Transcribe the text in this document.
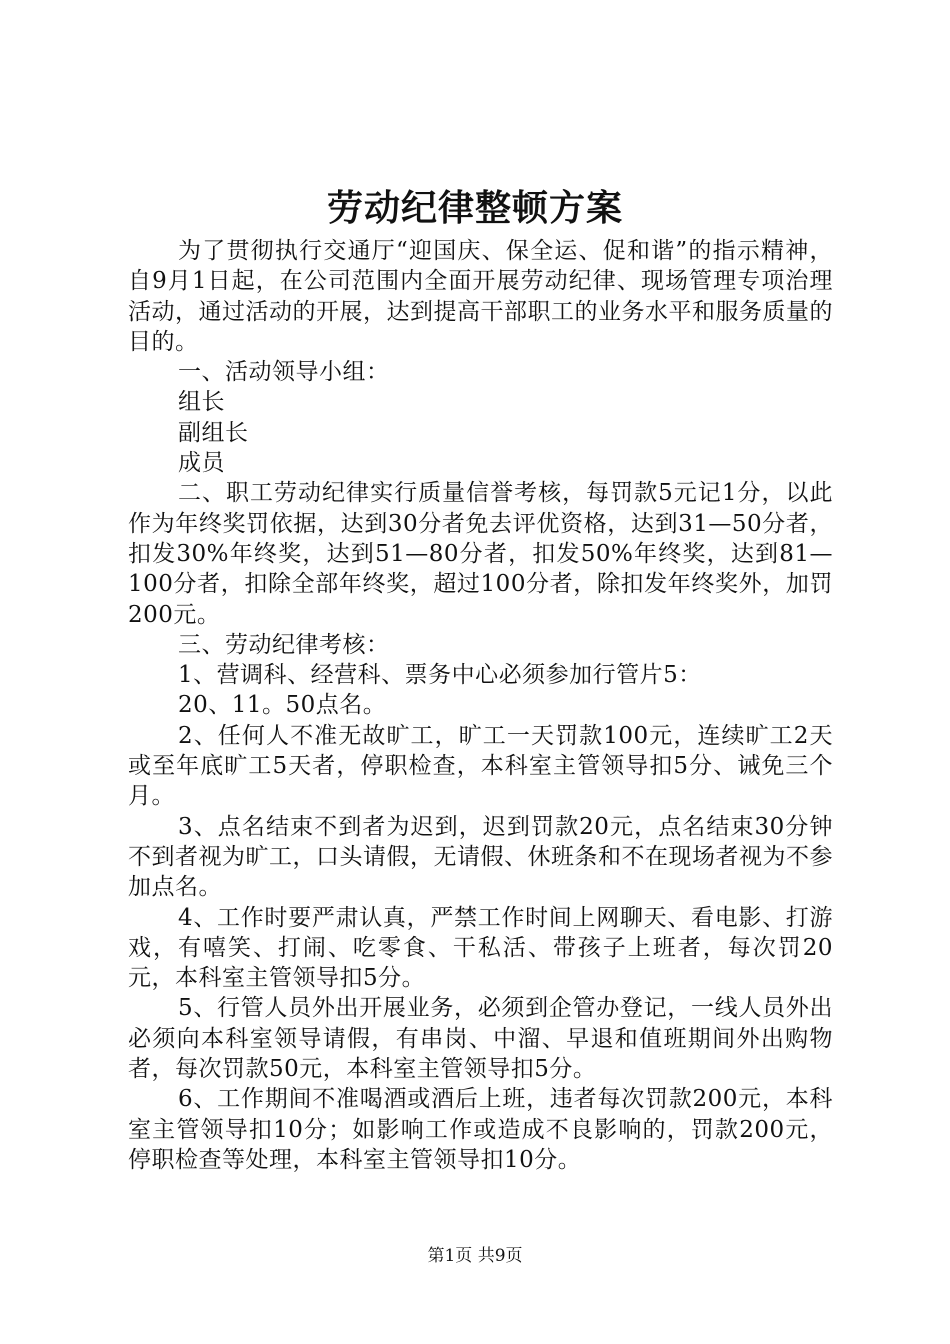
劳动纪律整顿方案

为了贯彻执行交通厅“迎国庆、保全运、促和谐”的指示精神，自9月1日起，在公司范围内全面开展劳动纪律、现场管理专项治理活动，通过活动的开展，达到提高干部职工的业务水平和服务质量的目的。

一、活动领导小组：

组长

副组长

成员

二、职工劳动纪律实行质量信誉考核，每罚款5元记1分，以此作为年终奖罚依据，达到30分者免去评优资格，达到31—50分者，扣发30%年终奖，达到51—80分者，扣发50%年终奖，达到81—100分者，扣除全部年终奖，超过100分者，除扣发年终奖外，加罚200元。

三、劳动纪律考核：

1、营调科、经营科、票务中心必须参加行管片5：

20、11。50点名。

2、任何人不准无故旷工，旷工一天罚款100元，连续旷工2天或至年底旷工5天者，停职检查，本科室主管领导扣5分、诫免三个月。

3、点名结束不到者为迟到，迟到罚款20元，点名结束30分钟不到者视为旷工，口头请假，无请假、休班条和不在现场者视为不参加点名。

4、工作时要严肃认真，严禁工作时间上网聊天、看电影、打游戏，有嘻笑、打闹、吃零食、干私活、带孩子上班者，每次罚20元，本科室主管领导扣5分。

5、行管人员外出开展业务，必须到企管办登记，一线人员外出必须向本科室领导请假，有串岗、中溜、早退和值班期间外出购物者，每次罚款50元，本科室主管领导扣5分。

6、工作期间不准喝酒或酒后上班，违者每次罚款200元，本科室主管领导扣10分；如影响工作或造成不良影响的，罚款200元，停职检查等处理，本科室主管领导扣10分。

第1页 共9页
